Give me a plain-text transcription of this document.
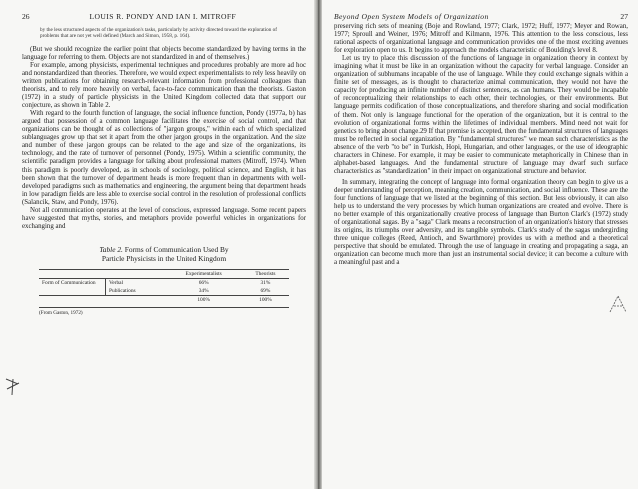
26	LOUIS R. PONDY AND IAN I. MITROFF
by the less structured aspects of the organization's tasks, particularly by activity directed toward the exploration of problems that are not yet well defined (March and Simon, 1958, p. 164).

(But we should recognize the earlier point that objects become standardized by having terms in the language for referring to them. Objects are not standardized in and of themselves.)

For example, among physicists, experimental techniques and procedures probably are more ad hoc and nonstandardized than theories. Therefore, we would expect experimentalists to rely less heavily on written publications for obtaining research-relevant information from professional colleagues than theorists, and to rely more heavily on verbal, face-to-face communication than the theorists. Gaston (1972) in a study of particle physicists in the United Kingdom collected data that support our conjecture, as shown in Table 2.

With regard to the fourth function of language, the social influence function, Pondy (1977a, b) has argued that possession of a common language facilitates the exercise of social control, and that organizations can be thought of as collections of "jargon groups," within each of which specialized sublanguages grow up that set it apart from the other jargon groups in the organization. And the size and number of these jargon groups can be related to the age and size of the organizations, its technology, and the rate of turnover of personnel (Pondy, 1975). Within a scientific community, the scientific paradigm provides a language for talking about professional matters (Mitroff, 1974). When this paradigm is poorly developed, as in schools of sociology, political science, and English, it has been shown that the turnover of department heads is more frequent than in departments with well-developed paradigms such as mathematics and engineering, the argument being that department heads in low paradigm fields are less able to exercise social control in the resolution of professional conflicts (Salancik, Staw, and Pondy, 1976).

Not all communication operates at the level of conscious, expressed language. Some recent papers have suggested that myths, stories, and metaphors provide powerful vehicles in organizations for exchanging and

Table 2. Forms of Communication Used By
Particle Physicists in the United Kingdom
		Experimentalists	Theorists
Form of Communication	Verbal	66%	31%
	Publications	34%	69%
		100%	100%
(From Gaston, 1972)
Beyond Open System Models of Organization	27

preserving rich sets of meaning (Boje and Rowland, 1977; Clark, 1972; Huff, 1977; Meyer and Rowan, 1977; Sproull and Weiner, 1976; Mitroff and Kilmann, 1976. This attention to the less conscious, less rational aspects of organizational language and communication provides one of the most exciting avenues for exploration open to us. It begins to approach the models characteristic of Boulding's level 8.

Let us try to place this discussion of the functions of language in organization theory in context by imagining what it must be like in an organization without the capacity for verbal language. Consider an organization of subhumans incapable of the use of language. While they could exchange signals within a finite set of messages, as is thought to characterize animal communication, they would not have the capacity for producing an infinite number of distinct sentences, as can humans. They would be incapable of reconceptualizing their relationships to each other, their technologies, or their environments. But language permits codification of those conceptualizations, and therefore sharing and social modification of them. Not only is language functional for the operation of the organization, but it is central to the evolution of organizational forms within the lifetimes of individual members. Mind need not wait for genetics to bring about change.29 If that premise is accepted, then the fundamental structures of languages must be reflected in social organization. By "fundamental structures" we mean such characteristics as the absence of the verb "to be" in Turkish, Hopi, Hungarian, and other languages, or the use of ideographic characters in Chinese. For example, it may be easier to communicate metaphorically in Chinese than in alphabet-based languages. And the fundamental structure of language may dwarf such surface characteristics as "standardization" in their impact on organizational structure and behavior.

In summary, integrating the concept of language into formal organization theory can begin to give us a deeper understanding of perception, meaning creation, communication, and social influence. These are the four functions of language that we listed at the beginning of this section. But less obviously, it can also help us to understand the very processes by which human organizations are created and evolve. There is no better example of this organizationally creative process of language than Burton Clark's (1972) study of organizational sagas. By a "saga" Clark means a reconstruction of an organization's history that stresses its origins, its triumphs over adversity, and its tangible symbols. Clark's study of the sagas undergirding three unique colleges (Reed, Antioch, and Swarthmore) provides us with a method and a theoretical perspective that should be emulated. Through the use of language in creating and propagating a saga, an organization can become much more than just an instrumental social device; it can become a culture with a meaningful past and a
